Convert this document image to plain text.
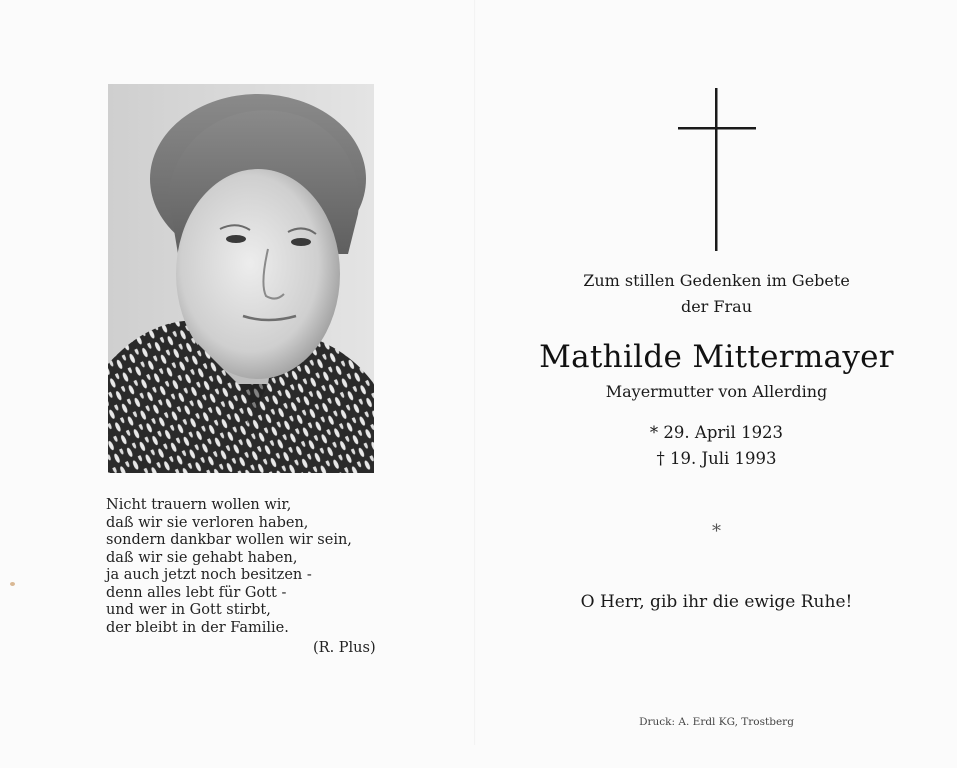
Nicht trauern wollen wir,
daß wir sie verloren haben,
sondern dankbar wollen wir sein,
daß wir sie gehabt haben,
ja auch jetzt noch besitzen -
denn alles lebt für Gott -
und wer in Gott stirbt,
der bleibt in der Familie.
(R. Plus)
Zum stillen Gedenken im Gebete
der Frau
Mathilde Mittermayer
Mayermutter von Allerding
* 29. April 1923
† 19. Juli 1993
*
O Herr, gib ihr die ewige Ruhe!
Druck: A. Erdl KG, Trostberg
